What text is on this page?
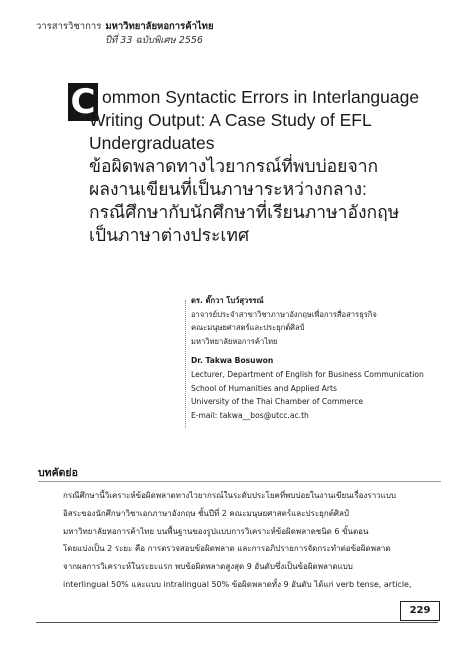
วารสารวิชาการ มหาวิทยาลัยหอการค้าไทย
ปีที่ 33 ฉบับพิเศษ 2556
C ommon Syntactic Errors in Interlanguage
Writing Output: A Case Study of EFL
Undergraduates
ข้อผิดพลาดทางไวยากรณ์ที่พบบ่อยจาก
ผลงานเขียนที่เป็นภาษาระหว่างกลาง:
กรณีศึกษากับนักศึกษาที่เรียนภาษาอังกฤษ
เป็นภาษาต่างประเทศ
ดร. ตั๊กวา โบว์สุวรรณ์
อาจารย์ประจำสาขาวิชาภาษาอังกฤษเพื่อการสื่อสารธุรกิจ
คณะมนุษยศาสตร์และประยุกต์ศิลป์
มหาวิทยาลัยหอการค้าไทย
Dr. Takwa Bosuwon
Lecturer, Department of English for Business Communication
School of Humanities and Applied Arts
University of the Thai Chamber of Commerce
E-mail: takwa__bos@utcc.ac.th
บทคัดย่อ
กรณีศึกษานี้วิเคราะห์ข้อผิดพลาดทางไวยากรณ์ในระดับประโยคที่พบบ่อยในงานเขียนเรื่องราวแบบ
อิสระของนักศึกษาวิชาเอกภาษาอังกฤษ ชั้นปีที่ 2 คณะมนุษยศาสตร์และประยุกต์ศิลป์
มหาวิทยาลัยหอการค้าไทย บนพื้นฐานของรูปแบบการวิเคราะห์ข้อผิดพลาดชนิด 6 ขั้นตอน
โดยแบ่งเป็น 2 ระยะ คือ การตรวจสอบข้อผิดพลาด และการอภิปรายการจัดกระทำต่อข้อผิดพลาด
จากผลการวิเคราะห์ในระยะแรก พบข้อผิดพลาดสูงสุด 9 อันดับซึ่งเป็นข้อผิดพลาดแบบ
interlingual 50% และแบบ intralingual 50% ข้อผิดพลาดทั้ง 9 อันดับ ได้แก่ verb tense, article,
229
